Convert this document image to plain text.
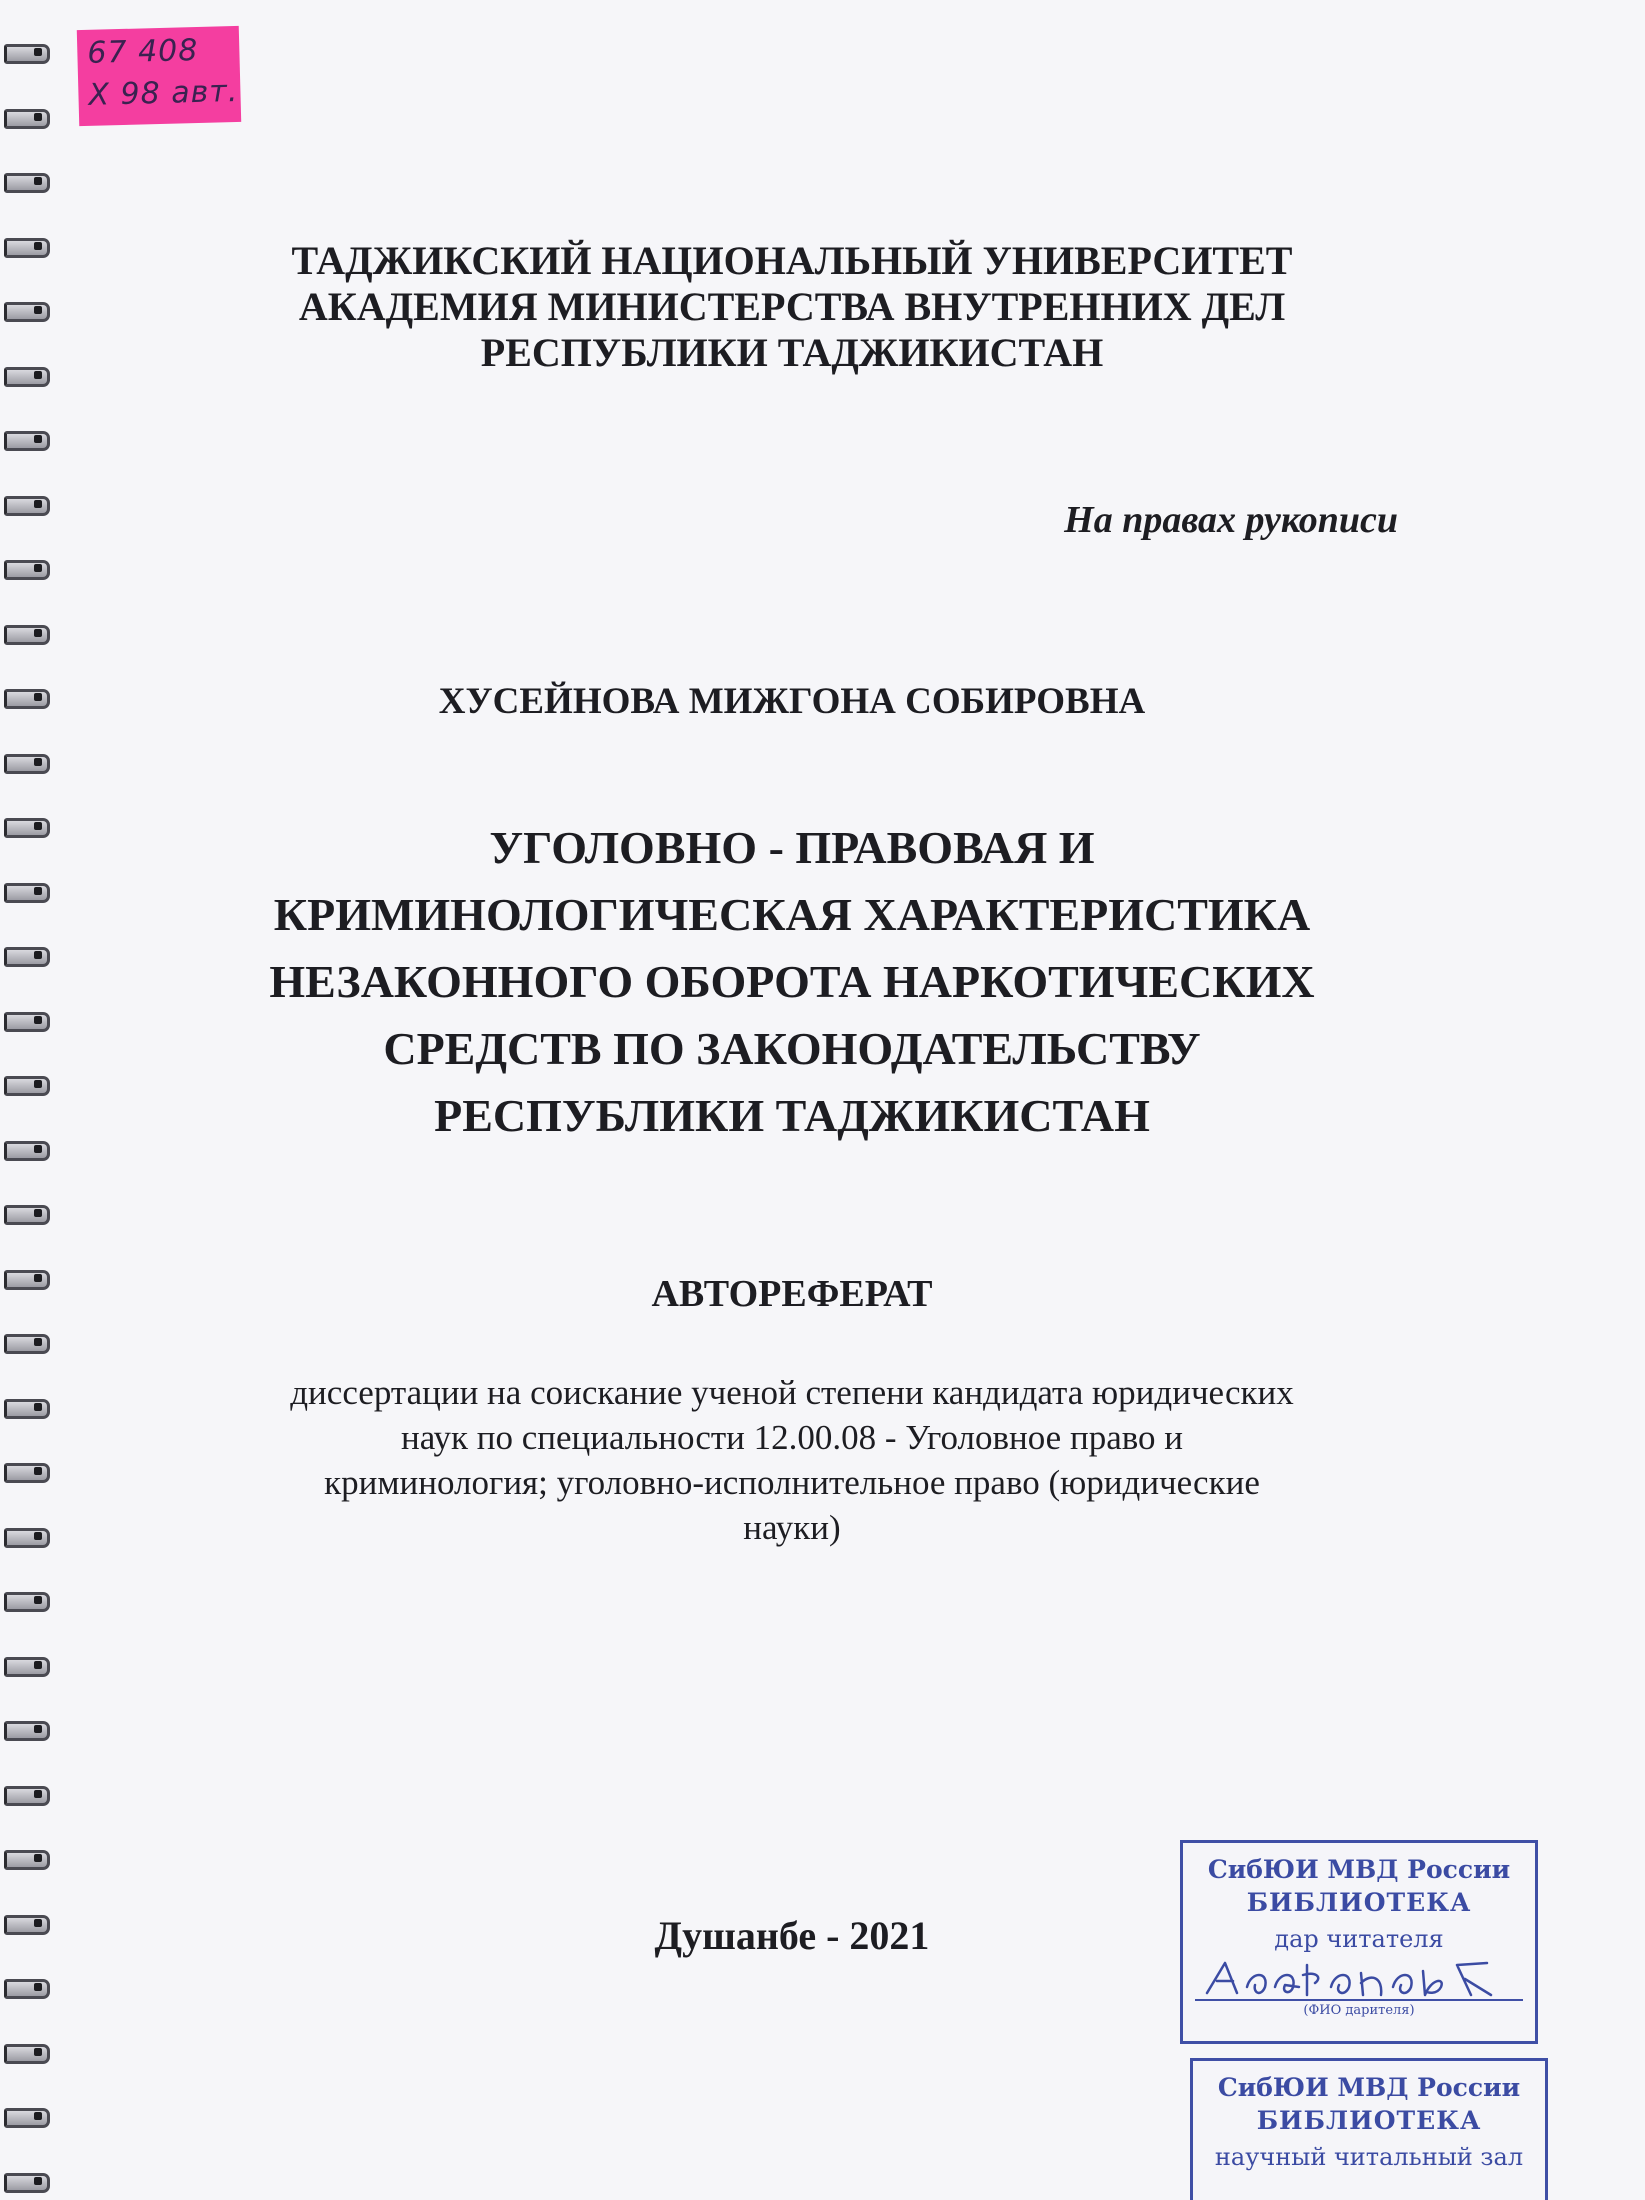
67 408
Х 98 авт.
ТАДЖИКСКИЙ НАЦИОНАЛЬНЫЙ УНИВЕРСИТЕТ
АКАДЕМИЯ МИНИСТЕРСТВА ВНУТРЕННИХ ДЕЛ
РЕСПУБЛИКИ ТАДЖИКИСТАН
На правах рукописи
ХУСЕЙНОВА МИЖГОНА СОБИРОВНА
УГОЛОВНО - ПРАВОВАЯ И
КРИМИНОЛОГИЧЕСКАЯ ХАРАКТЕРИСТИКА
НЕЗАКОННОГО ОБОРОТА НАРКОТИЧЕСКИХ
СРЕДСТВ ПО ЗАКОНОДАТЕЛЬСТВУ
РЕСПУБЛИКИ ТАДЖИКИСТАН
АВТОРЕФЕРАТ
диссертации на соискание ученой степени кандидата юридических
наук по специальности 12.00.08 - Уголовное право и
криминология; уголовно-исполнительное право (юридические
науки)
Душанбе - 2021
СибЮИ МВД России
БИБЛИОТЕКА
дар читателя
(ФИО дарителя)
СибЮИ МВД России
БИБЛИОТЕКА
научный читальный зал
